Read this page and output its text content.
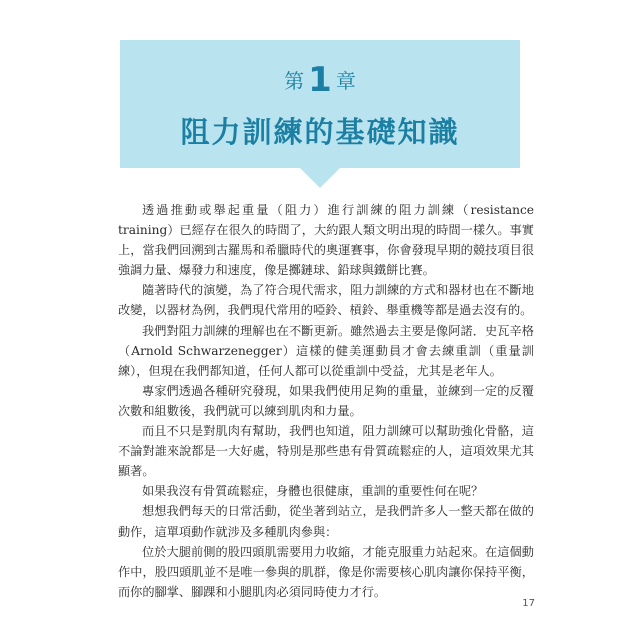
第 1 章
阻力訓練的基礎知識

透過推動或舉起重量（阻力）進行訓練的阻力訓練（resistance training）已經存在很久的時間了，大約跟人類文明出現的時間一樣久。事實上，當我們回溯到古羅馬和希臘時代的奧運賽事，你會發現早期的競技項目很強調力量、爆發力和速度，像是擲鏈球、鉛球與鐵餅比賽。

隨著時代的演變，為了符合現代需求，阻力訓練的方式和器材也在不斷地改變，以器材為例，我們現代常用的啞鈴、槓鈴、舉重機等都是過去沒有的。

我們對阻力訓練的理解也在不斷更新。雖然過去主要是像阿諾．史瓦辛格（Arnold Schwarzenegger）這樣的健美運動員才會去練重訓（重量訓練），但現在我們都知道，任何人都可以從重訓中受益，尤其是老年人。

專家們透過各種研究發現，如果我們使用足夠的重量，並練到一定的反覆次數和組數後，我們就可以練到肌肉和力量。

而且不只是對肌肉有幫助，我們也知道，阻力訓練可以幫助強化骨骼，這不論對誰來說都是一大好處，特別是那些患有骨質疏鬆症的人，這項效果尤其顯著。

如果我沒有骨質疏鬆症，身體也很健康，重訓的重要性何在呢？

想想我們每天的日常活動，從坐著到站立，是我們許多人一整天都在做的動作，這單項動作就涉及多種肌肉參與：

位於大腿前側的股四頭肌需要用力收縮，才能克服重力站起來。在這個動作中，股四頭肌並不是唯一參與的肌群，像是你需要核心肌肉讓你保持平衡，而你的腳掌、腳踝和小腿肌肉必須同時使力才行。

17
